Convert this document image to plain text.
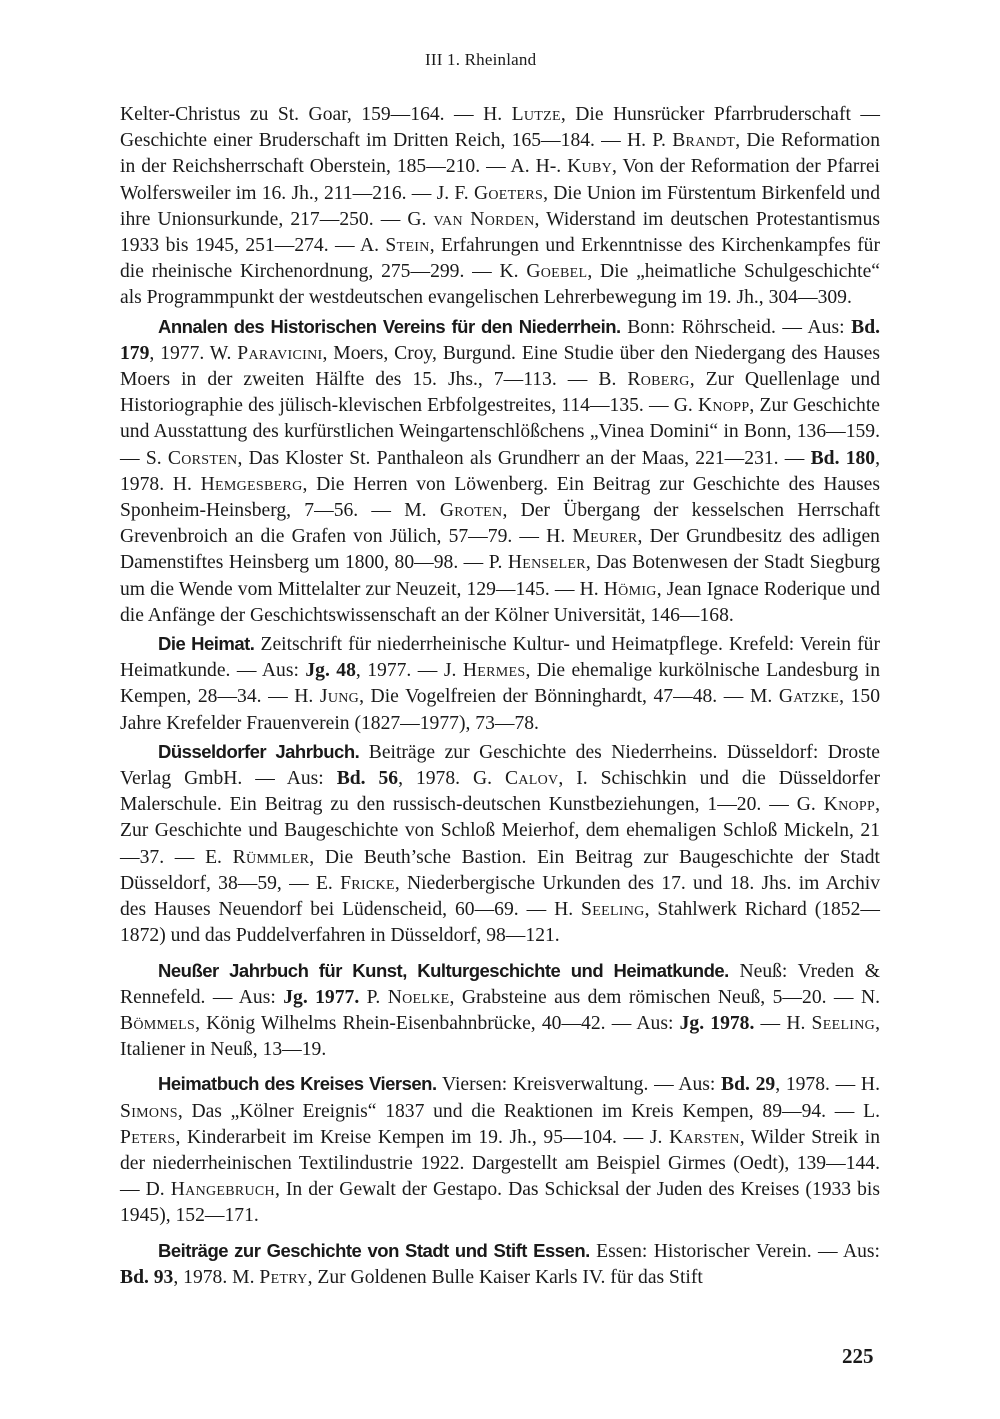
III 1. Rheinland

Kelter-Christus zu St. Goar, 159—164. — H. Lutze, Die Hunsrücker Pfarrbruderschaft — Geschichte einer Bruderschaft im Dritten Reich, 165—184. — H. P. Brandt, Die Reformation in der Reichsherrschaft Oberstein, 185—210. — A. H-. Kuby, Von der Reformation der Pfarrei Wolfersweiler im 16. Jh., 211—216. — J. F. Goeters, Die Union im Fürstentum Birkenfeld und ihre Unionsurkunde, 217—250. — G. van Norden, Widerstand im deutschen Protestantismus 1933 bis 1945, 251—274. — A. Stein, Erfahrungen und Erkenntnisse des Kirchenkampfes für die rheinische Kirchenordnung, 275—299. — K. Goebel, Die „heimatliche Schulgeschichte“ als Programmpunkt der westdeutschen evangelischen Lehrerbewegung im 19. Jh., 304—309.

Annalen des Historischen Vereins für den Niederrhein. Bonn: Röhrscheid. — Aus: Bd. 179, 1977. W. Paravicini, Moers, Croy, Burgund. Eine Studie über den Niedergang des Hauses Moers in der zweiten Hälfte des 15. Jhs., 7—113. — B. Roberg, Zur Quellenlage und Historiographie des jülisch-klevischen Erbfolgestreites, 114—135. — G. Knopp, Zur Geschichte und Ausstattung des kurfürstlichen Weingartenschlößchens „Vinea Domini“ in Bonn, 136—159. — S. Corsten, Das Kloster St. Panthaleon als Grundherr an der Maas, 221—231. — Bd. 180, 1978. H. Hemgesberg, Die Herren von Löwenberg. Ein Beitrag zur Geschichte des Hauses Sponheim-Heinsberg, 7—56. — M. Groten, Der Übergang der kesselschen Herrschaft Grevenbroich an die Grafen von Jülich, 57—79. — H. Meurer, Der Grundbesitz des adligen Damenstiftes Heinsberg um 1800, 80—98. — P. Henseler, Das Botenwesen der Stadt Siegburg um die Wende vom Mittelalter zur Neuzeit, 129—145. — H. Hömig, Jean Ignace Roderique und die Anfänge der Geschichtswissenschaft an der Kölner Universität, 146—168.

Die Heimat. Zeitschrift für niederrheinische Kultur- und Heimatpflege. Krefeld: Verein für Heimatkunde. — Aus: Jg. 48, 1977. — J. Hermes, Die ehemalige kurkölnische Landesburg in Kempen, 28—34. — H. Jung, Die Vogelfreien der Bönninghardt, 47—48. — M. Gatzke, 150 Jahre Krefelder Frauenverein (1827—1977), 73—78.

Düsseldorfer Jahrbuch. Beiträge zur Geschichte des Niederrheins. Düsseldorf: Droste Verlag GmbH. — Aus: Bd. 56, 1978. G. Calov, I. Schischkin und die Düsseldorfer Malerschule. Ein Beitrag zu den russisch-deutschen Kunstbeziehungen, 1—20. — G. Knopp, Zur Geschichte und Baugeschichte von Schloß Meierhof, dem ehemaligen Schloß Mickeln, 21—37. — E. Rümmler, Die Beuth’sche Bastion. Ein Beitrag zur Baugeschichte der Stadt Düsseldorf, 38—59, — E. Fricke, Niederbergische Urkunden des 17. und 18. Jhs. im Archiv des Hauses Neuendorf bei Lüdenscheid, 60—69. — H. Seeling, Stahlwerk Richard (1852—1872) und das Puddelverfahren in Düsseldorf, 98—121.

Neußer Jahrbuch für Kunst, Kulturgeschichte und Heimatkunde. Neuß: Vreden & Rennefeld. — Aus: Jg. 1977. P. Noelke, Grabsteine aus dem römischen Neuß, 5—20. — N. Bömmels, König Wilhelms Rhein-Eisenbahnbrücke, 40—42. — Aus: Jg. 1978. — H. Seeling, Italiener in Neuß, 13—19.

Heimatbuch des Kreises Viersen. Viersen: Kreisverwaltung. — Aus: Bd. 29, 1978. — H. Simons, Das „Kölner Ereignis“ 1837 und die Reaktionen im Kreis Kempen, 89—94. — L. Peters, Kinderarbeit im Kreise Kempen im 19. Jh., 95—104. — J. Karsten, Wilder Streik in der niederrheinischen Textilindustrie 1922. Dargestellt am Beispiel Girmes (Oedt), 139—144. — D. Hangebruch, In der Gewalt der Gestapo. Das Schicksal der Juden des Kreises (1933 bis 1945), 152—171.

Beiträge zur Geschichte von Stadt und Stift Essen. Essen: Historischer Verein. — Aus: Bd. 93, 1978. M. Petry, Zur Goldenen Bulle Kaiser Karls IV. für das Stift

225
